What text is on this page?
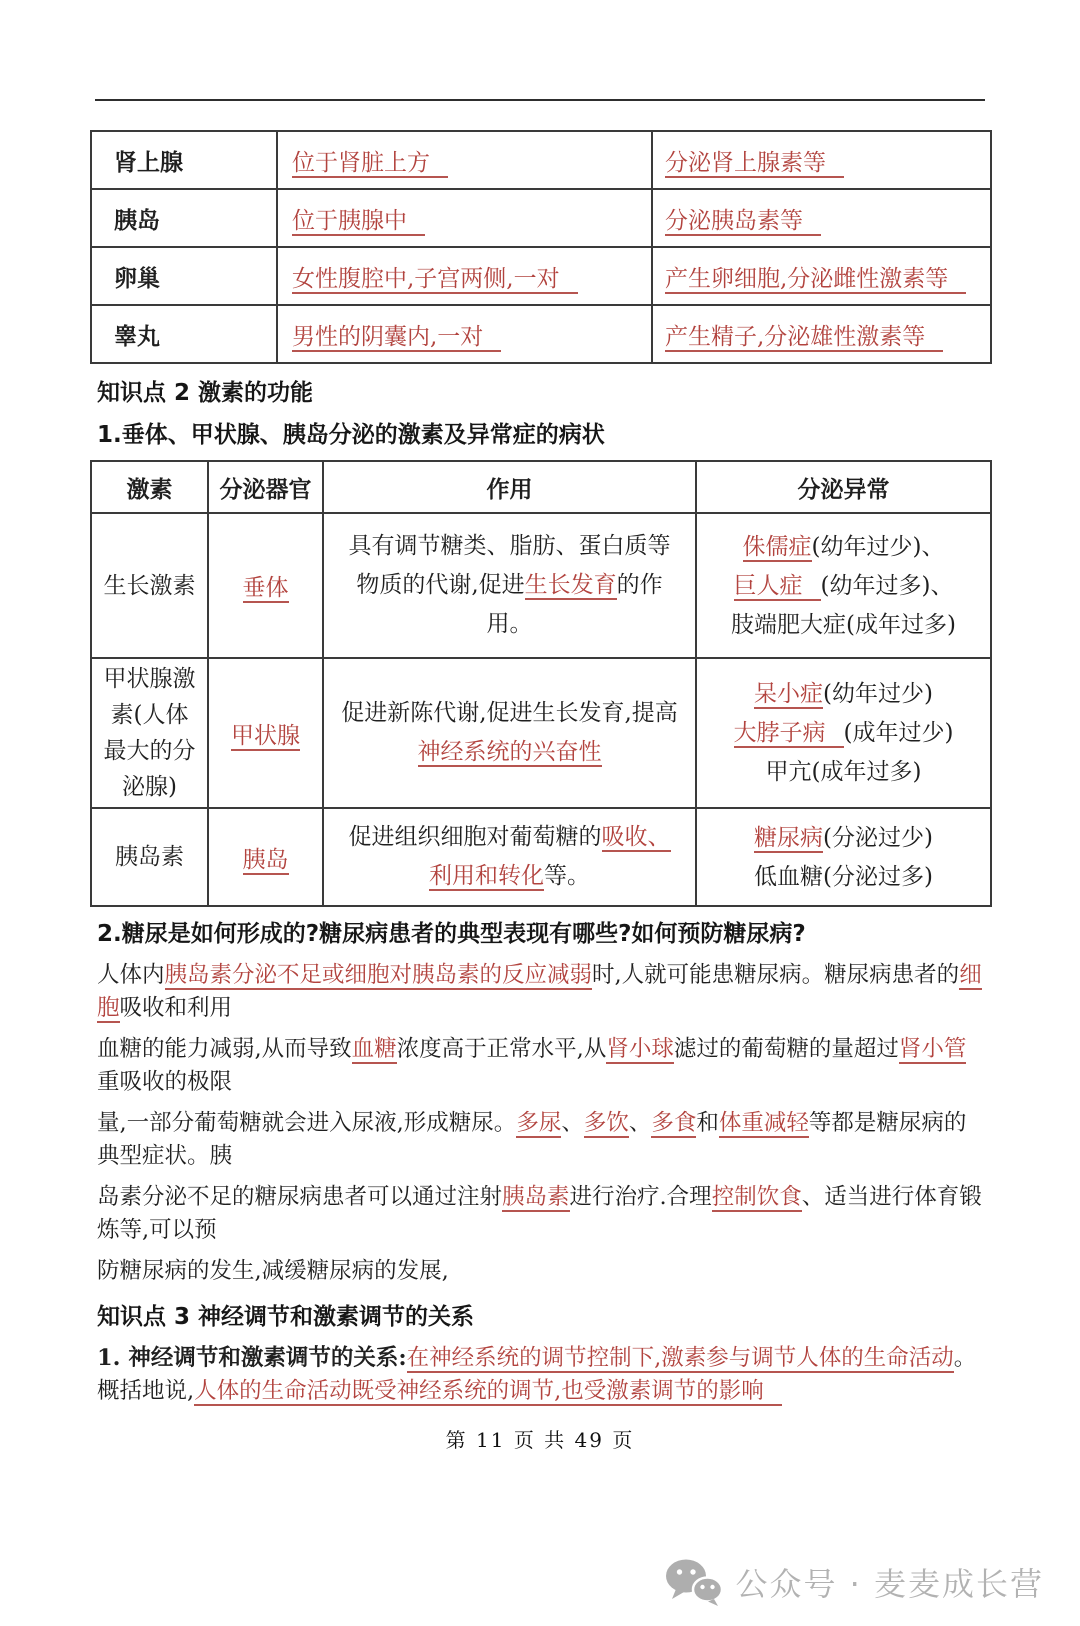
肾上腺	位于肾脏上方	分泌肾上腺素等
胰岛	位于胰腺中	分泌胰岛素等
卵巢	女性腹腔中,子宫两侧,一对	产生卵细胞,分泌雌性激素等
睾丸	男性的阴囊内,一对	产生精子,分泌雄性激素等
知识点 2 激素的功能
1.垂体、甲状腺、胰岛分泌的激素及异常症的病状
激素	分泌器官	作用	分泌异常
生长激素	垂体	具有调节糖类、脂肪、蛋白质等物质的代谢,促进生长发育的作用。	侏儒症(幼年过少)、
巨人症 (幼年过多)、
肢端肥大症(成年过多)

甲状腺激素(人体最大的分泌腺)	甲状腺	促进新陈代谢,促进生长发育,提高神经系统的兴奋性	呆小症(幼年过少)
大脖子病 (成年过少)
甲亢(成年过多)

胰岛素	胰岛	促进组织细胞对葡萄糖的吸收、利用和转化等。	糖尿病(分泌过少)
低血糖(分泌过多)
2.糖尿是如何形成的?糖尿病患者的典型表现有哪些?如何预防糖尿病?

人体内胰岛素分泌不足或细胞对胰岛素的反应减弱时,人就可能患糖尿病。糖尿病患者的细胞吸收和利用

血糖的能力减弱,从而导致血糖浓度高于正常水平,从肾小球滤过的葡萄糖的量超过肾小管重吸收的极限

量,一部分葡萄糖就会进入尿液,形成糖尿。多尿、多饮、多食和体重减轻等都是糖尿病的典型症状。胰

岛素分泌不足的糖尿病患者可以通过注射胰岛素进行治疗.合理控制饮食、适当进行体育锻炼等,可以预

防糖尿病的发生,减缓糖尿病的发展,

知识点 3 神经调节和激素调节的关系

1. 神经调节和激素调节的关系:在神经系统的调节控制下,激素参与调节人体的生命活动。概括地说,人体的生命活动既受神经系统的调节,也受激素调节的影响

第 11 页 共 49 页
公众号 · 麦麦成长营
